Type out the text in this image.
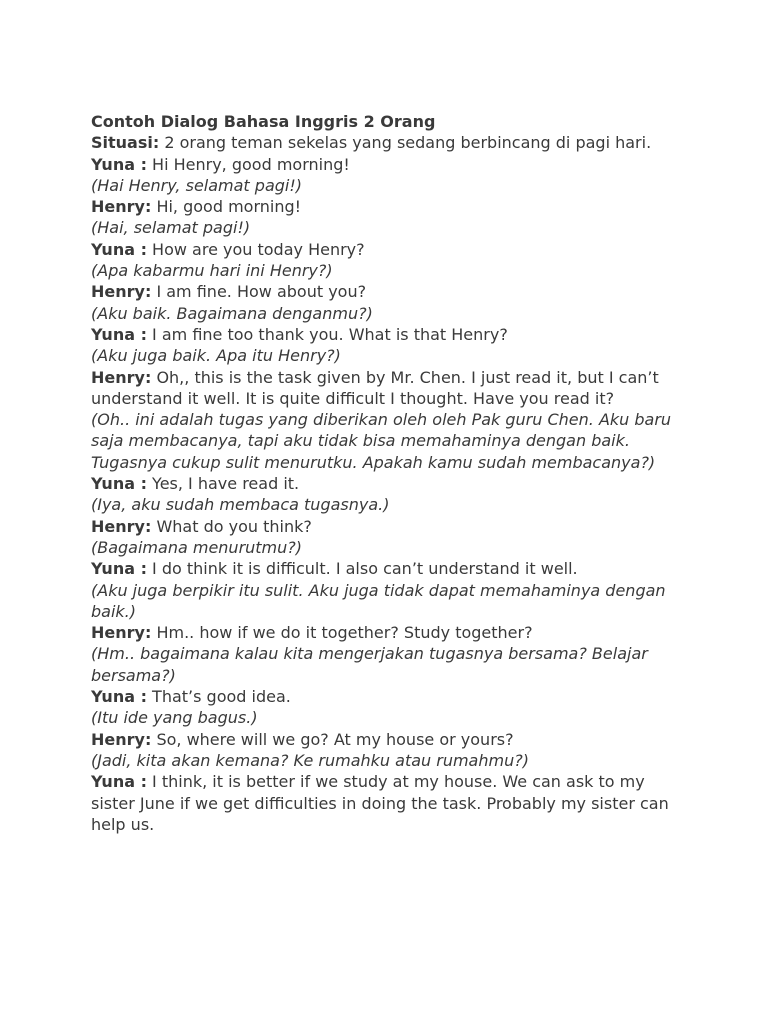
Contoh Dialog Bahasa Inggris 2 Orang

Situasi: 2 orang teman sekelas yang sedang berbincang di pagi hari.

Yuna : Hi Henry, good morning!

(Hai Henry, selamat pagi!)

Henry: Hi, good morning!

(Hai, selamat pagi!)

Yuna : How are you today Henry?

(Apa kabarmu hari ini Henry?)

Henry: I am fine. How about you?

(Aku baik. Bagaimana denganmu?)

Yuna : I am fine too thank you. What is that Henry?

(Aku juga baik. Apa itu Henry?)

Henry: Oh,, this is the task given by Mr. Chen. I just read it, but I can’t understand it well. It is quite difficult I thought. Have you read it?

(Oh.. ini adalah tugas yang diberikan oleh oleh Pak guru Chen. Aku baru saja membacanya, tapi aku tidak bisa memahaminya dengan baik. Tugasnya cukup sulit menurutku. Apakah kamu sudah membacanya?)

Yuna : Yes, I have read it.

(Iya, aku sudah membaca tugasnya.)

Henry: What do you think?

(Bagaimana menurutmu?)

Yuna : I do think it is difficult. I also can’t understand it well.

(Aku juga berpikir itu sulit. Aku juga tidak dapat memahaminya dengan baik.)

Henry: Hm.. how if we do it together? Study together?

(Hm.. bagaimana kalau kita mengerjakan tugasnya bersama? Belajar bersama?)

Yuna : That’s good idea.

(Itu ide yang bagus.)

Henry: So, where will we go? At my house or yours?

(Jadi, kita akan kemana? Ke rumahku atau rumahmu?)

Yuna : I think, it is better if we study at my house. We can ask to my sister June if we get difficulties in doing the task. Probably my sister can help us.
